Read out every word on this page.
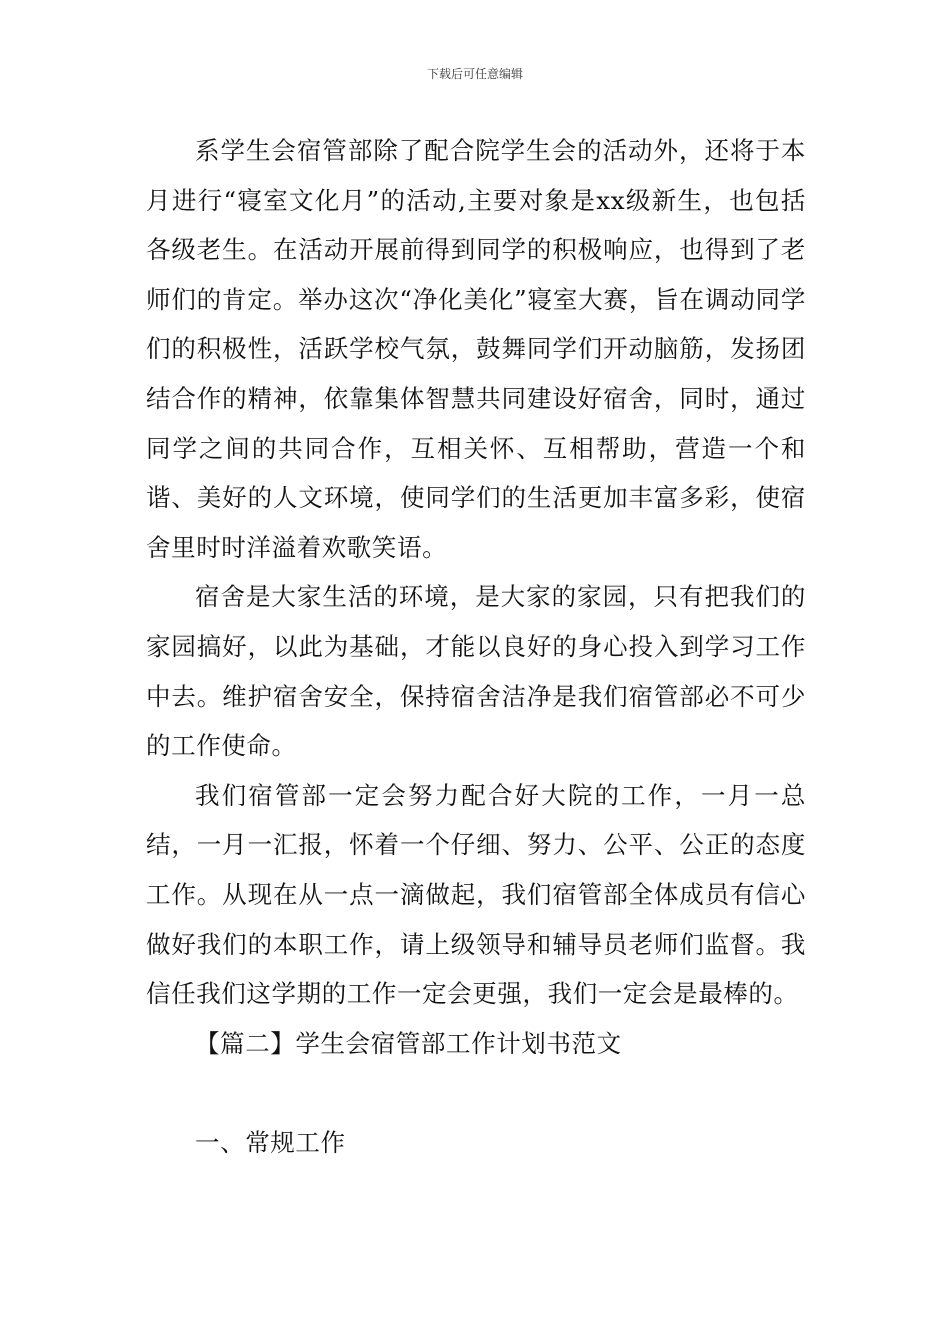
下载后可任意编辑

系学生会宿管部除了配合院学生会的活动外，还将于本月进行“寝室文化月”的活动,主要对象是xx级新生，也包括各级老生。在活动开展前得到同学的积极响应，也得到了老师们的肯定。举办这次“净化美化”寝室大赛，旨在调动同学们的积极性，活跃学校气氛，鼓舞同学们开动脑筋，发扬团结合作的精神，依靠集体智慧共同建设好宿舍，同时，通过同学之间的共同合作，互相关怀、互相帮助，营造一个和谐、美好的人文环境，使同学们的生活更加丰富多彩，使宿舍里时时洋溢着欢歌笑语。

宿舍是大家生活的环境，是大家的家园，只有把我们的家园搞好，以此为基础，才能以良好的身心投入到学习工作中去。维护宿舍安全，保持宿舍洁净是我们宿管部必不可少的工作使命。

我们宿管部一定会努力配合好大院的工作，一月一总结，一月一汇报，怀着一个仔细、努力、公平、公正的态度工作。从现在从一点一滴做起，我们宿管部全体成员有信心做好我们的本职工作，请上级领导和辅导员老师们监督。我信任我们这学期的工作一定会更强，我们一定会是最棒的。

【篇二】学生会宿管部工作计划书范文

一、常规工作
